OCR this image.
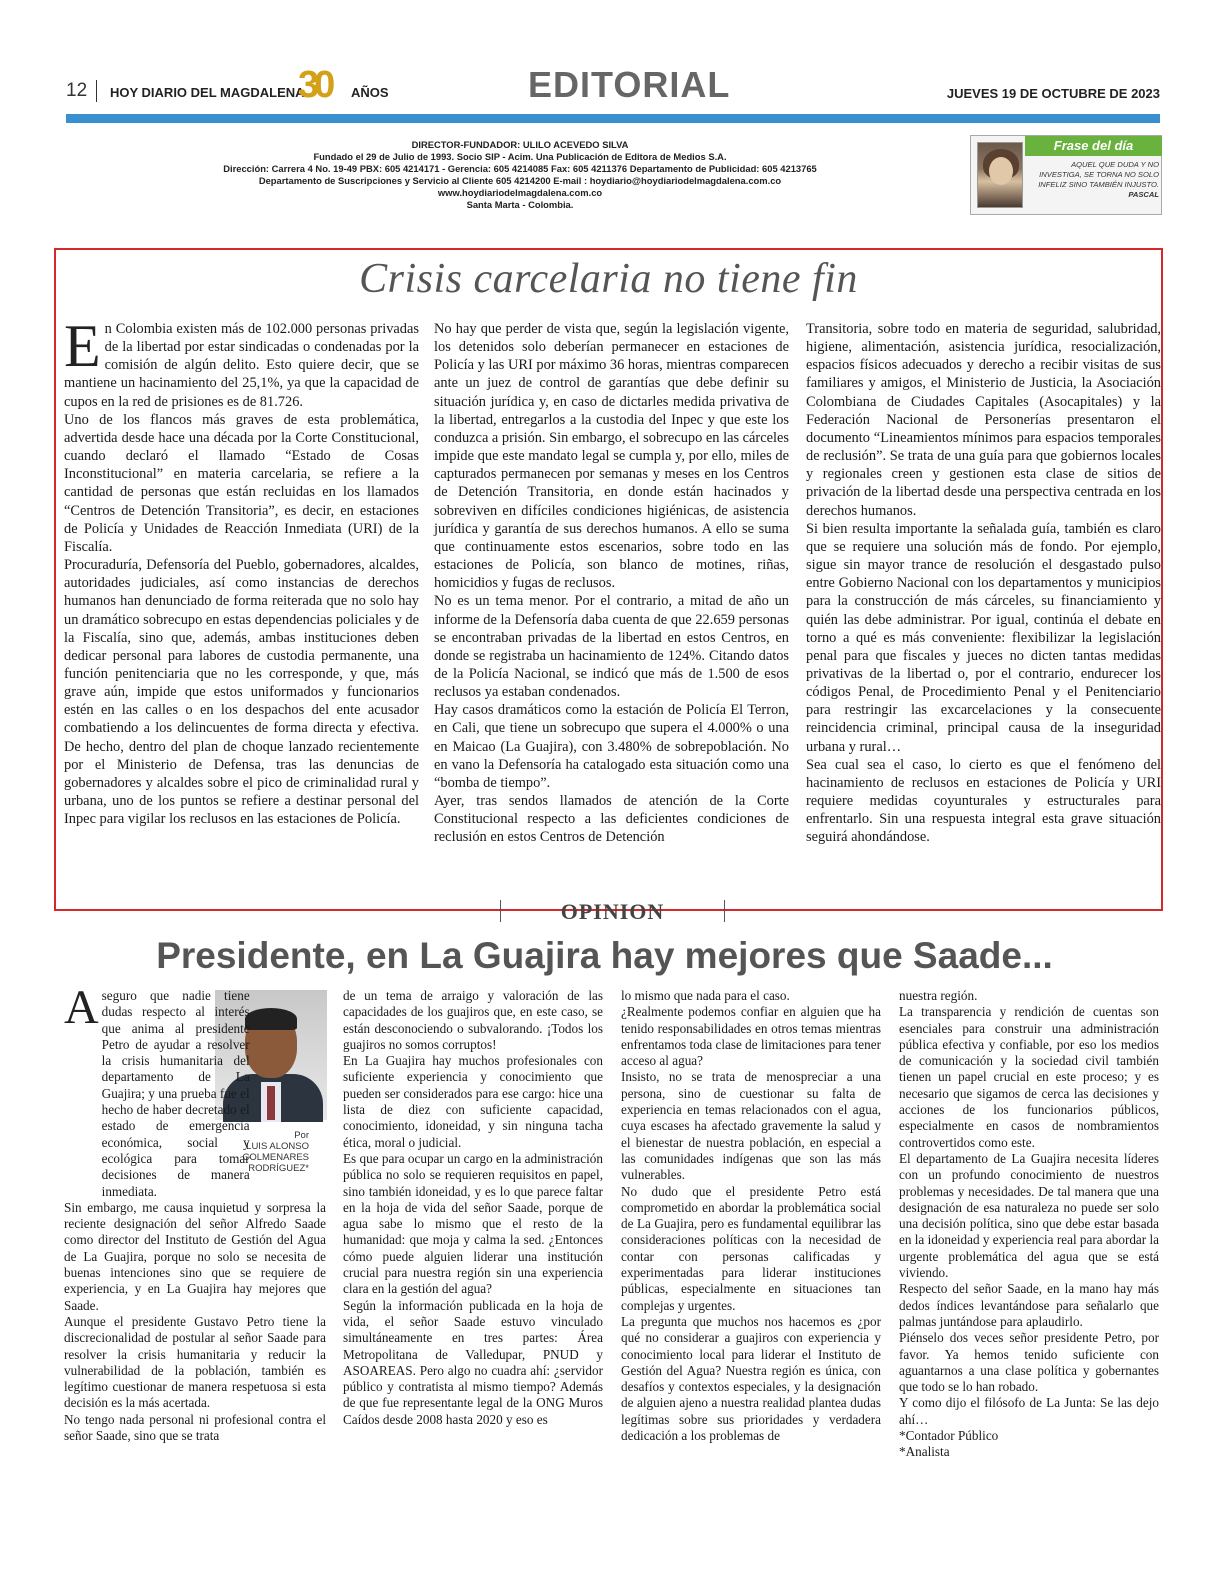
12 HOY DIARIO DEL MAGDALENA
30 AÑOS	EDITORIAL	JUEVES 19 DE OCTUBRE DE 2023
DIRECTOR-FUNDADOR: ULILO ACEVEDO SILVA
Fundado el 29 de Julio de 1993. Socio SIP - Acim. Una Publicación de Editora de Medios S.A.
Dirección: Carrera 4 No. 19-49 PBX: 605 4214171 - Gerencia: 605 4214085 Fax: 605 4211376 Departamento de Publicidad: 605 4213765
Departamento de Suscripciones y Servicio al Cliente 605 4214200 E-mail : hoydiario@hoydiariodelmagdalena.com.co
www.hoydiariodelmagdalena.com.co
Santa Marta - Colombia.
Frase del día
AQUEL QUE DUDA Y NO INVESTIGA, SE TORNA NO SOLO INFELIZ SINO TAMBIÉN INJUSTO.
PASCAL
Crisis carcelaria no tiene fin

En Colombia existen más de 102.000 personas privadas de la libertad por estar sindicadas o condenadas por la comisión de algún delito. Esto quiere decir, que se mantiene un hacinamiento del 25,1%, ya que la capacidad de cupos en la red de prisiones es de 81.726.

Uno de los flancos más graves de esta problemática, advertida desde hace una década por la Corte Constitucional, cuando declaró el llamado “Estado de Cosas Inconstitucional” en materia carcelaria, se refiere a la cantidad de personas que están recluidas en los llamados “Centros de Detención Transitoria”, es decir, en estaciones de Policía y Unidades de Reacción Inmediata (URI) de la Fiscalía.

Procuraduría, Defensoría del Pueblo, gobernadores, alcaldes, autoridades judiciales, así como instancias de derechos humanos han denunciado de forma reiterada que no solo hay un dramático sobrecupo en estas dependencias policiales y de la Fiscalía, sino que, además, ambas instituciones deben dedicar personal para labores de custodia permanente, una función penitenciaria que no les corresponde, y que, más grave aún, impide que estos uniformados y funcionarios estén en las calles o en los despachos del ente acusador combatiendo a los delincuentes de forma directa y efectiva. De hecho, dentro del plan de choque lanzado recientemente por el Ministerio de Defensa, tras las denuncias de gobernadores y alcaldes sobre el pico de criminalidad rural y urbana, uno de los puntos se refiere a destinar personal del Inpec para vigilar los reclusos en las estaciones de Policía.

No hay que perder de vista que, según la legislación vigente, los detenidos solo deberían permanecer en estaciones de Policía y las URI por máximo 36 horas, mientras comparecen ante un juez de control de garantías que debe definir su situación jurídica y, en caso de dictarles medida privativa de la libertad, entregarlos a la custodia del Inpec y que este los conduzca a prisión. Sin embargo, el sobrecupo en las cárceles impide que este mandato legal se cumpla y, por ello, miles de capturados permanecen por semanas y meses en los Centros de Detención Transitoria, en donde están hacinados y sobreviven en difíciles condiciones higiénicas, de asistencia jurídica y garantía de sus derechos humanos. A ello se suma que continuamente estos escenarios, sobre todo en las estaciones de Policía, son blanco de motines, riñas, homicidios y fugas de reclusos.

No es un tema menor. Por el contrario, a mitad de año un informe de la Defensoría daba cuenta de que 22.659 personas se encontraban privadas de la libertad en estos Centros, en donde se registraba un hacinamiento de 124%. Citando datos de la Policía Nacional, se indicó que más de 1.500 de esos reclusos ya estaban condenados.

Hay casos dramáticos como la estación de Policía El Terron, en Cali, que tiene un sobrecupo que supera el 4.000% o una en Maicao (La Guajira), con 3.480% de sobrepoblación. No en vano la Defensoría ha catalogado esta situación como una “bomba de tiempo”.

Ayer, tras sendos llamados de atención de la Corte Constitucional respecto a las deficientes condiciones de reclusión en estos Centros de Detención

Transitoria, sobre todo en materia de seguridad, salubridad, higiene, alimentación, asistencia jurídica, resocialización, espacios físicos adecuados y derecho a recibir visitas de sus familiares y amigos, el Ministerio de Justicia, la Asociación Colombiana de Ciudades Capitales (Asocapitales) y la Federación Nacional de Personerías presentaron el documento “Lineamientos mínimos para espacios temporales de reclusión”. Se trata de una guía para que gobiernos locales y regionales creen y gestionen esta clase de sitios de privación de la libertad desde una perspectiva centrada en los derechos humanos.

Si bien resulta importante la señalada guía, también es claro que se requiere una solución más de fondo. Por ejemplo, sigue sin mayor trance de resolución el desgastado pulso entre Gobierno Nacional con los departamentos y municipios para la construcción de más cárceles, su financiamiento y quién las debe administrar. Por igual, continúa el debate en torno a qué es más conveniente: flexibilizar la legislación penal para que fiscales y jueces no dicten tantas medidas privativas de la libertad o, por el contrario, endurecer los códigos Penal, de Procedimiento Penal y el Penitenciario para restringir las excarcelaciones y la consecuente reincidencia criminal, principal causa de la inseguridad urbana y rural…

Sea cual sea el caso, lo cierto es que el fenómeno del hacinamiento de reclusos en estaciones de Policía y URI requiere medidas coyunturales y estructurales para enfrentarlo. Sin una respuesta integral esta grave situación seguirá ahondándose.

OPINION
Presidente, en La Guajira hay mejores que Saade...
Por
LUIS ALONSO COLMENARES RODRÍGUEZ*

A seguro que nadie tiene dudas respecto al interés que anima al presidente Petro de ayudar a resolver la crisis humanitaria del departamento de La Guajira; y una prueba fue el hecho de haber decretado el estado de emergencia económica, social y ecológica para tomar decisiones de manera inmediata.

Sin embargo, me causa inquietud y sorpresa la reciente designación del señor Alfredo Saade como director del Instituto de Gestión del Agua de La Guajira, porque no solo se necesita de buenas intenciones sino que se requiere de experiencia, y en La Guajira hay mejores que Saade.

Aunque el presidente Gustavo Petro tiene la discrecionalidad de postular al señor Saade para resolver la crisis humanitaria y reducir la vulnerabilidad de la población, también es legítimo cuestionar de manera respetuosa si esta decisión es la más acertada.

No tengo nada personal ni profesional contra el señor Saade, sino que se trata

de un tema de arraigo y valoración de las capacidades de los guajiros que, en este caso, se están desconociendo o subvalorando. ¡Todos los guajiros no somos corruptos!

En La Guajira hay muchos profesionales con suficiente experiencia y conocimiento que pueden ser considerados para ese cargo: hice una lista de diez con suficiente capacidad, conocimiento, idoneidad, y sin ninguna tacha ética, moral o judicial.

Es que para ocupar un cargo en la administración pública no solo se requieren requisitos en papel, sino también idoneidad, y es lo que parece faltar en la hoja de vida del señor Saade, porque de agua sabe lo mismo que el resto de la humanidad: que moja y calma la sed. ¿Entonces cómo puede alguien liderar una institución crucial para nuestra región sin una experiencia clara en la gestión del agua?

Según la información publicada en la hoja de vida, el señor Saade estuvo vinculado simultáneamente en tres partes: Área Metropolitana de Valledupar, PNUD y ASOAREAS. Pero algo no cuadra ahí: ¿servidor público y contratista al mismo tiempo? Además de que fue representante legal de la ONG Muros Caídos desde 2008 hasta 2020 y eso es

lo mismo que nada para el caso.

¿Realmente podemos confiar en alguien que ha tenido responsabilidades en otros temas mientras enfrentamos toda clase de limitaciones para tener acceso al agua?

Insisto, no se trata de menospreciar a una persona, sino de cuestionar su falta de experiencia en temas relacionados con el agua, cuya escases ha afectado gravemente la salud y el bienestar de nuestra población, en especial a las comunidades indígenas que son las más vulnerables.

No dudo que el presidente Petro está comprometido en abordar la problemática social de La Guajira, pero es fundamental equilibrar las consideraciones políticas con la necesidad de contar con personas calificadas y experimentadas para liderar instituciones públicas, especialmente en situaciones tan complejas y urgentes.

La pregunta que muchos nos hacemos es ¿por qué no considerar a guajiros con experiencia y conocimiento local para liderar el Instituto de Gestión del Agua? Nuestra región es única, con desafíos y contextos especiales, y la designación de alguien ajeno a nuestra realidad plantea dudas legítimas sobre sus prioridades y verdadera dedicación a los problemas de

nuestra región.

La transparencia y rendición de cuentas son esenciales para construir una administración pública efectiva y confiable, por eso los medios de comunicación y la sociedad civil también tienen un papel crucial en este proceso; y es necesario que sigamos de cerca las decisiones y acciones de los funcionarios públicos, especialmente en casos de nombramientos controvertidos como este.

El departamento de La Guajira necesita líderes con un profundo conocimiento de nuestros problemas y necesidades. De tal manera que una designación de esa naturaleza no puede ser solo una decisión política, sino que debe estar basada en la idoneidad y experiencia real para abordar la urgente problemática del agua que se está viviendo.

Respecto del señor Saade, en la mano hay más dedos índices levantándose para señalarlo que palmas juntándose para aplaudirlo.

Piénselo dos veces señor presidente Petro, por favor. Ya hemos tenido suficiente con aguantarnos a una clase política y gobernantes que todo se lo han robado.

Y como dijo el filósofo de La Junta: Se las dejo ahí…

*Contador Público

*Analista
